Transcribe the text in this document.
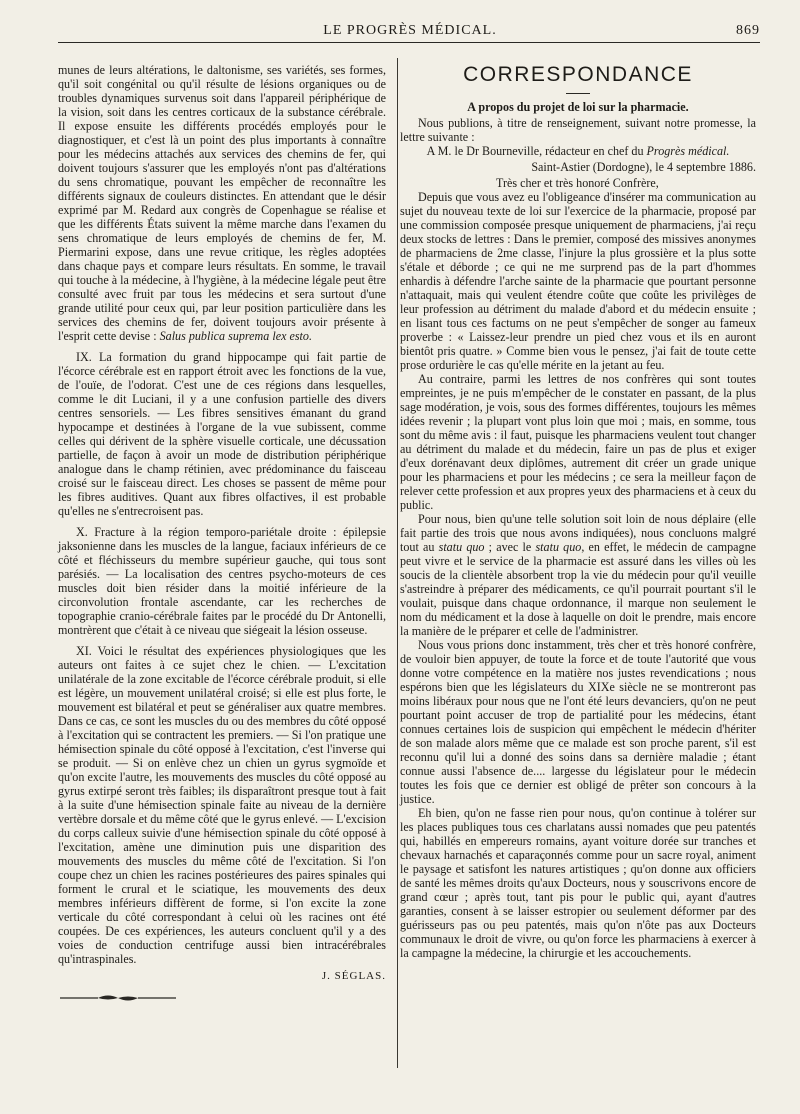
LE PROGRÈS MÉDICAL.	869

munes de leurs altérations, le daltonisme, ses variétés, ses formes, qu'il soit congénital ou qu'il résulte de lésions organiques ou de troubles dynamiques survenus soit dans l'appareil périphérique de la vision, soit dans les centres corticaux de la substance cérébrale. Il expose ensuite les différents procédés employés pour le diagnostiquer, et c'est là un point des plus importants à connaître pour les médecins attachés aux services des chemins de fer, qui doivent toujours s'assurer que les employés n'ont pas d'altérations du sens chromatique, pouvant les empêcher de reconnaître les différents signaux de couleurs distinctes. En attendant que le désir exprimé par M. Redard aux congrès de Copenhague se réalise et que les différents États suivent la même marche dans l'examen du sens chromatique de leurs employés de chemins de fer, M. Piermarini expose, dans une revue critique, les règles adoptées dans chaque pays et compare leurs résultats. En somme, le travail qui touche à la médecine, à l'hygiène, à la médecine légale peut être consulté avec fruit par tous les médecins et sera surtout d'une grande utilité pour ceux qui, par leur position particulière dans les services des chemins de fer, doivent toujours avoir présente à l'esprit cette devise : Salus publica suprema lex esto.

IX. La formation du grand hippocampe qui fait partie de l'écorce cérébrale est en rapport étroit avec les fonctions de la vue, de l'ouïe, de l'odorat. C'est une de ces régions dans lesquelles, comme le dit Luciani, il y a une confusion partielle des divers centres sensoriels. — Les fibres sensitives émanant du grand hypocampe et destinées à l'organe de la vue subissent, comme celles qui dérivent de la sphère visuelle corticale, une décussation partielle, de façon à avoir un mode de distribution périphérique analogue dans le champ rétinien, avec prédominance du faisceau croisé sur le faisceau direct. Les choses se passent de même pour les fibres auditives. Quant aux fibres olfactives, il est probable qu'elles ne s'entrecroisent pas.

X. Fracture à la région temporo-pariétale droite : épilepsie jaksonienne dans les muscles de la langue, faciaux inférieurs de ce côté et fléchisseurs du membre supérieur gauche, qui tous sont parésiés. — La localisation des centres psycho-moteurs de ces muscles doit bien résider dans la moitié inférieure de la circonvolution frontale ascendante, car les recherches de topographie cranio-cérébrale faites par le procédé du Dr Antonelli, montrèrent que c'était à ce niveau que siégeait la lésion osseuse.

XI. Voici le résultat des expériences physiologiques que les auteurs ont faites à ce sujet chez le chien. — L'excitation unilatérale de la zone excitable de l'écorce cérébrale produit, si elle est légère, un mouvement unilatéral croisé; si elle est plus forte, le mouvement est bilatéral et peut se généraliser aux quatre membres. Dans ce cas, ce sont les muscles du ou des membres du côté opposé à l'excitation qui se contractent les premiers. — Si l'on pratique une hémisection spinale du côté opposé à l'excitation, c'est l'inverse qui se produit. — Si on enlève chez un chien un gyrus sygmoïde et qu'on excite l'autre, les mouvements des muscles du côté opposé au gyrus extirpé seront très faibles; ils disparaîtront presque tout à fait à la suite d'une hémisection spinale faite au niveau de la dernière vertèbre dorsale et du même côté que le gyrus enlevé. — L'excision du corps calleux suivie d'une hémisection spinale du côté opposé à l'excitation, amène une diminution puis une disparition des mouvements des muscles du même côté de l'excitation. Si l'on coupe chez un chien les racines postérieures des paires spinales qui forment le crural et le sciatique, les mouvements des deux membres inférieurs diffèrent de forme, si l'on excite la zone verticale du côté correspondant à celui où les racines ont été coupées. De ces expériences, les auteurs concluent qu'il y a des voies de conduction centrifuge aussi bien intracérébrales qu'intraspinales.

J. SÉGLAS.

CORRESPONDANCE

A propos du projet de loi sur la pharmacie.

Nous publions, à titre de renseignement, suivant notre promesse, la lettre suivante :

A M. le Dr Bourneville, rédacteur en chef du Progrès médical.

Saint-Astier (Dordogne), le 4 septembre 1886.

Très cher et très honoré Confrère,

Depuis que vous avez eu l'obligeance d'insérer ma communication au sujet du nouveau texte de loi sur l'exercice de la pharmacie, proposé par une commission composée presque uniquement de pharmaciens, j'ai reçu deux stocks de lettres : Dans le premier, composé des missives anonymes de pharmaciens de 2me classe, l'injure la plus grossière et la plus sotte s'étale et déborde ; ce qui ne me surprend pas de la part d'hommes enhardis à défendre l'arche sainte de la pharmacie que pourtant personne n'attaquait, mais qui veulent étendre coûte que coûte les privilèges de leur profession au détriment du malade d'abord et du médecin ensuite ; en lisant tous ces factums on ne peut s'empêcher de songer au fameux proverbe : « Laissez-leur prendre un pied chez vous et ils en auront bientôt pris quatre. » Comme bien vous le pensez, j'ai fait de toute cette prose ordurière le cas qu'elle mérite en la jetant au feu.

Au contraire, parmi les lettres de nos confrères qui sont toutes empreintes, je ne puis m'empêcher de le constater en passant, de la plus sage modération, je vois, sous des formes différentes, toujours les mêmes idées revenir ; la plupart vont plus loin que moi ; mais, en somme, tous sont du même avis : il faut, puisque les pharmaciens veulent tout changer au détriment du malade et du médecin, faire un pas de plus et exiger d'eux dorénavant deux diplômes, autrement dit créer un grade unique pour les pharmaciens et pour les médecins ; ce sera la meilleur façon de relever cette profession et aux propres yeux des pharmaciens et à ceux du public.

Pour nous, bien qu'une telle solution soit loin de nous déplaire (elle fait partie des trois que nous avons indiquées), nous concluons malgré tout au statu quo ; avec le statu quo, en effet, le médecin de campagne peut vivre et le service de la pharmacie est assuré dans les villes où les soucis de la clientèle absorbent trop la vie du médecin pour qu'il veuille s'astreindre à préparer des médicaments, ce qu'il pourrait pourtant s'il le voulait, puisque dans chaque ordonnance, il marque non seulement le nom du médicament et la dose à laquelle on doit le prendre, mais encore la manière de le préparer et celle de l'administrer.

Nous vous prions donc instamment, très cher et très honoré confrère, de vouloir bien appuyer, de toute la force et de toute l'autorité que vous donne votre compétence en la matière nos justes revendications ; nous espérons bien que les législateurs du XIXe siècle ne se montreront pas moins libéraux pour nous que ne l'ont été leurs devanciers, qu'on ne peut pourtant point accuser de trop de partialité pour les médecins, étant connues certaines lois de suspicion qui empêchent le médecin d'hériter de son malade alors même que ce malade est son proche parent, s'il est reconnu qu'il lui a donné des soins dans sa dernière maladie ; étant connue aussi l'absence de.... largesse du législateur pour le médecin toutes les fois que ce dernier est obligé de prêter son concours à la justice.

Eh bien, qu'on ne fasse rien pour nous, qu'on continue à tolérer sur les places publiques tous ces charlatans aussi nomades que peu patentés qui, habillés en empereurs romains, ayant voiture dorée sur tranches et chevaux harnachés et caparaçonnés comme pour un sacre royal, animent le paysage et satisfont les natures artistiques ; qu'on donne aux officiers de santé les mêmes droits qu'aux Docteurs, nous y souscrivons encore de grand cœur ; après tout, tant pis pour le public qui, ayant d'autres garanties, consent à se laisser estropier ou seulement déformer par des guérisseurs pas ou peu patentés, mais qu'on n'ôte pas aux Docteurs communaux le droit de vivre, ou qu'on force les pharmaciens à exercer à la campagne la médecine, la chirurgie et les accouchements.
